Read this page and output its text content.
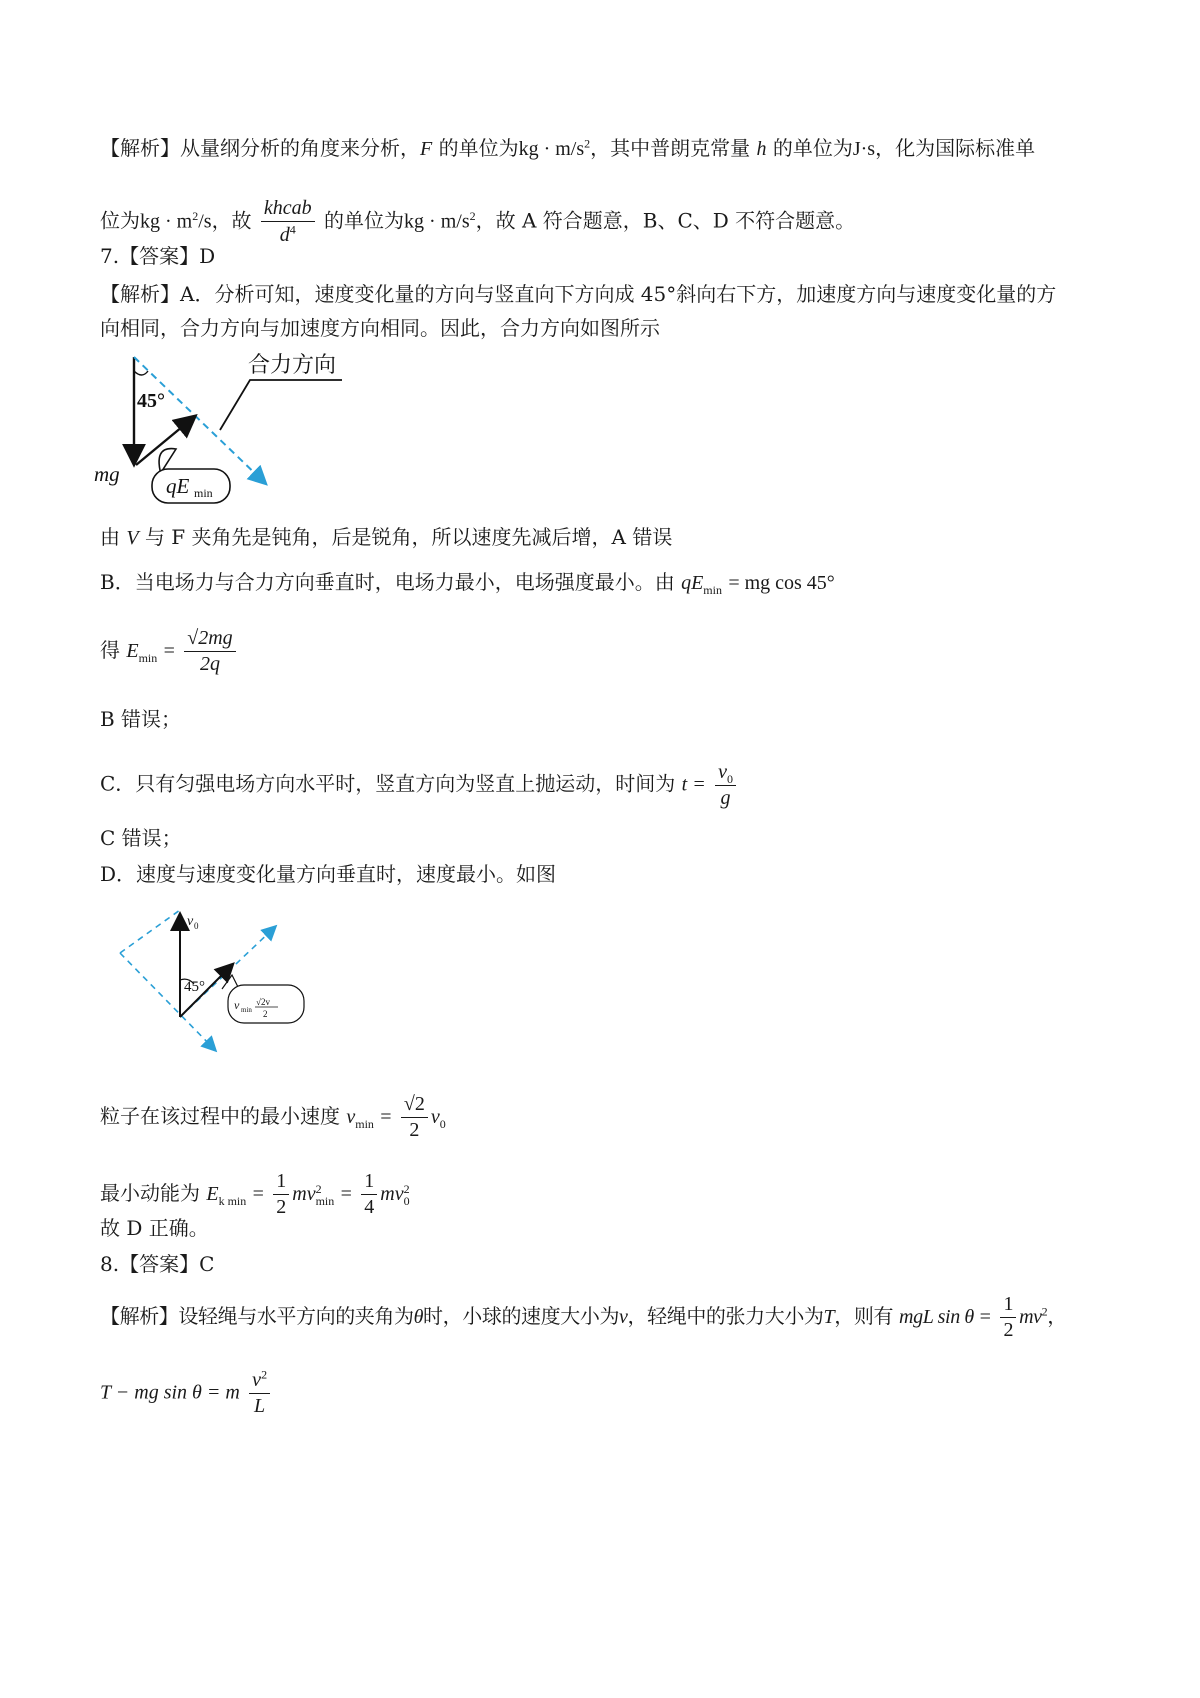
【解析】从量纲分析的角度来分析，F 的单位为kg · $m/s^2$，其中普朗克常量 h 的单位为J·s，化为国际标准单
位为kg · $m^2/s$，故 $\frac{\text{khcab}}{d^4}$ 的单位为kg · $m/s^2$，故 A 符合题意，B、C、D 不符合题意。
7.【答案】D
【解析】A．分析可知，速度变化量的方向与竖直向下方向成 45°斜向右下方，加速度方向与速度变化量的方
向相同，合力方向与加速度方向相同。因此，合力方向如图所示
45°
mg qE min
合力方向
由 V 与 F 夹角先是钝角，后是锐角，所以速度先减后增，A 错误
B．当电场力与合力方向垂直时，电场力最小，电场强度最小。由 $qE_{min}$ = mg cos 45°
得 $E_{min} = \frac{√2mg}{2q}$
B 错误；
C．只有匀强电场方向水平时，竖直方向为竖直上抛运动，时间为 $t = \frac{v_0}{g}$
C 错误；
D．速度与速度变化量方向垂直时，速度最小。如图
v 0
45°
v min
√2v
2
粒子在该过程中的最小速度 $v_{min} = \frac{√2}{2} v_0$
最小动能为 $E_{k min} = \frac{1}{2}$ mv 2
$\min = \frac{1}{4}$ mv 2
0
故 D 正确。
8.【答案】C
【解析】设轻绳与水平方向的夹角为θ时，小球的速度大小为v，轻绳中的张力大小为T，则有 mgL $\sin \theta = \frac{1}{2} mv^2$，
T − mg sin θ = m $\frac{v^2}{L}$
